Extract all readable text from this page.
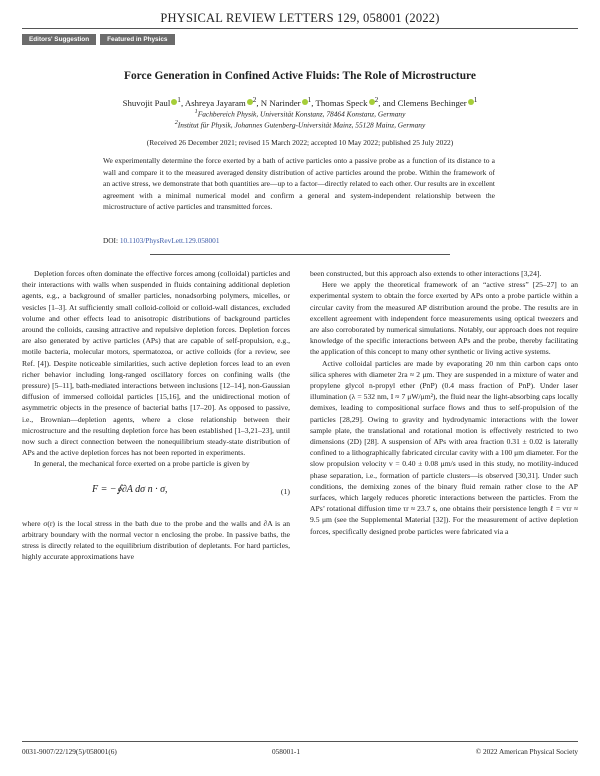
PHYSICAL REVIEW LETTERS 129, 058001 (2022)
Editors' Suggestion	Featured in Physics
Force Generation in Confined Active Fluids: The Role of Microstructure
Shuvojit Paul $^1$, Ashreya Jayaram $^2$, N Narinder $^1$, Thomas Speck $^2$, and Clemens Bechinger $^1$
$^1$Fachbereich Physik, Universität Konstanz, 78464 Konstanz, Germany
$^2$Institut für Physik, Johannes Gutenberg-Universität Mainz, 55128 Mainz, Germany
(Received 26 December 2021; revised 15 March 2022; accepted 10 May 2022; published 25 July 2022)
We experimentally determine the force exerted by a bath of active particles onto a passive probe as a function of its distance to a wall and compare it to the measured averaged density distribution of active particles around the probe. Within the framework of an active stress, we demonstrate that both quantities are—up to a factor—directly related to each other. Our results are in excellent agreement with a minimal numerical model and confirm a general and system-independent relationship between the microstructure of active particles and transmitted forces.
DOI: 10.1103/PhysRevLett.129.058001

Depletion forces often dominate the effective forces among (colloidal) particles and their interactions with walls when suspended in fluids containing additional depletion agents, e.g., a background of smaller particles, nonadsorbing polymers, micelles, or vesicles [1–3]. At sufficiently small colloid-colloid or colloid-wall distances, excluded volume and other effects lead to anisotropic distributions of background particles around the colloids, causing attractive and repulsive depletion forces. Depletion forces are also generated by active particles (APs) that are capable of self-propulsion, e.g., motile bacteria, molecular motors, spermatozoa, or active colloids (for a review, see Ref. [4]). Despite noticeable similarities, such active depletion forces lead to an even richer behavior including long-ranged oscillatory forces on confining walls (the pressure) [5–11], bath-mediated interactions between inclusions [12–14], non-Gaussian diffusion of immersed colloidal particles [15,16], and the unidirectional motion of asymmetric objects in the presence of bacterial baths [17–20]. As opposed to passive, i.e., Brownian—depletion agents, where a close relationship between their microstructure and the resulting depletion force has been established [1–3,21–23], until now such a direct connection between the nonequilibrium steady-state distribution of APs and the active depletion forces has not been reported in experiments.

In general, the mechanical force exerted on a probe particle is given by

F = −∮∂A dσ n · σ,	(1)

where σ(r) is the local stress in the bath due to the probe and the walls and ∂A is an arbitrary boundary with the normal vector n enclosing the probe. In passive baths, the stress is directly related to the equilibrium distribution of depletants. For hard particles, highly accurate approximations have

been constructed, but this approach also extends to other interactions [3,24].

Here we apply the theoretical framework of an “active stress” [25–27] to an experimental system to obtain the force exerted by APs onto a probe particle within a circular cavity from the measured AP distribution around the probe. The results are in excellent agreement with independent force measurements using optical tweezers and are also corroborated by numerical simulations. Notably, our approach does not require knowledge of the specific interactions between APs and the probe, thereby facilitating the application of this concept to many other synthetic or living active systems.

Active colloidal particles are made by evaporating 20 nm thin carbon caps onto silica spheres with diameter 2ra ≈ 2 μm. They are suspended in a mixture of water and propylene glycol n-propyl ether (PnP) (0.4 mass fraction of PnP). Under laser illumination (λ = 532 nm, I ≈ 7 μW/μm²), the fluid near the light-absorbing caps locally demixes, leading to compositional surface flows and thus to self-propulsion of the particles [28,29]. Owing to gravity and hydrodynamic interactions with the lower sample plate, the translational and rotational motion is effectively restricted to two dimensions (2D) [28]. A suspension of APs with area fraction 0.31 ± 0.02 is laterally confined to a lithographically fabricated circular cavity with a 100 μm diameter. For the slow propulsion velocity v = 0.40 ± 0.08 μm/s used in this study, no motility-induced phase separation, i.e., formation of particle clusters—is observed [30,31]. Under such conditions, the demixing zones of the binary fluid remain rather close to the AP surfaces, which largely reduces phoretic interactions between the particles. From the APs’ rotational diffusion time τr ≈ 23.7 s, one obtains their persistence length ℓ = vτr ≈ 9.5 μm (see the Supplemental Material [32]). For the measurement of active depletion forces, specifically designed probe particles were fabricated via a

0031-9007/22/129(5)/058001(6)	058001-1	© 2022 American Physical Society
